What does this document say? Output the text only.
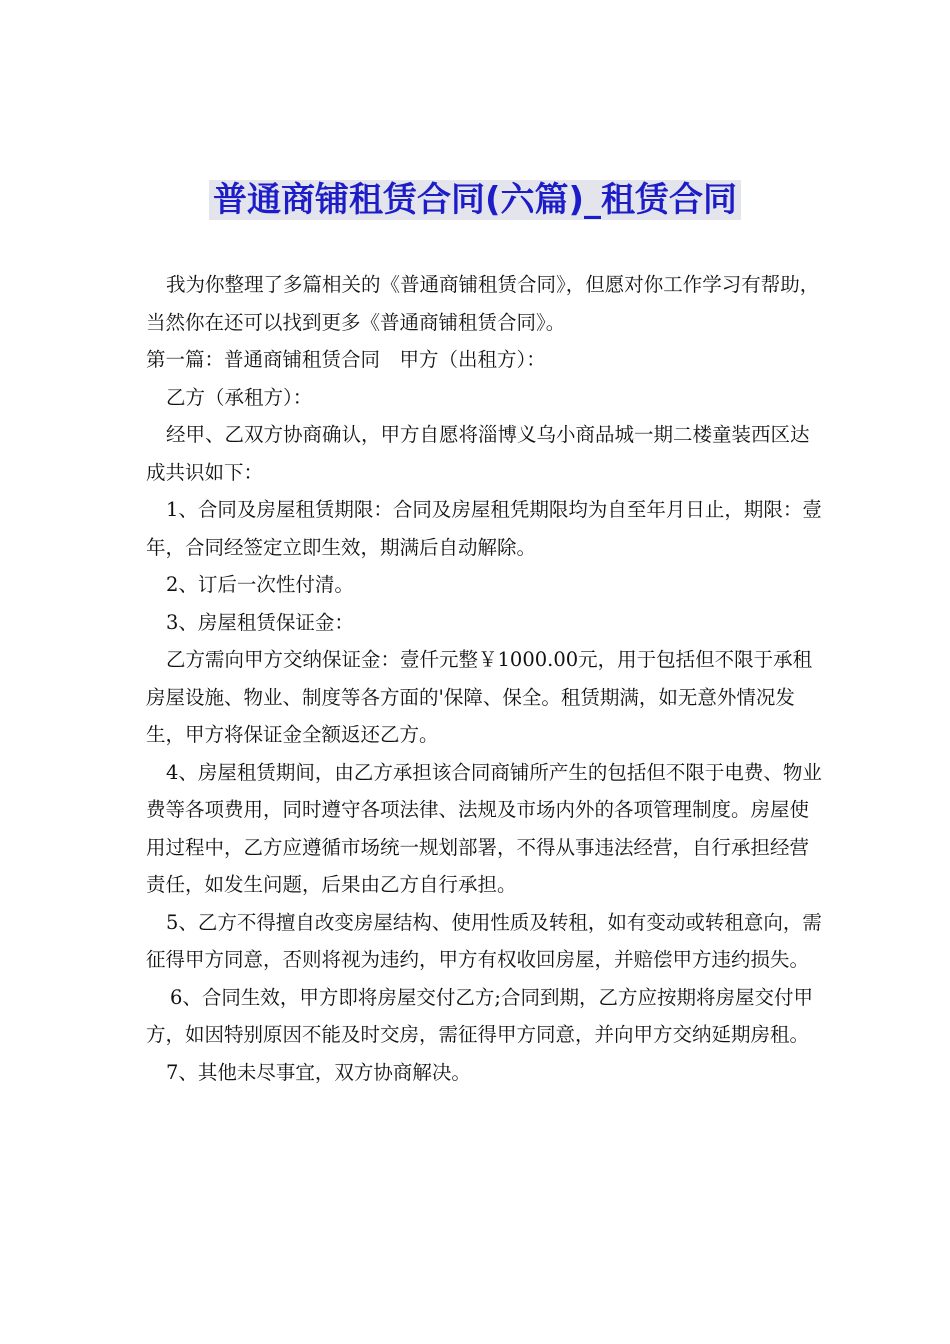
普通商铺租赁合同(六篇)_租赁合同

我为你整理了多篇相关的《普通商铺租赁合同》，但愿对你工作学习有帮助，当然你在还可以找到更多《普通商铺租赁合同》。

第一篇：普通商铺租赁合同　甲方（出租方）：

乙方（承租方）：

经甲、乙双方协商确认，甲方自愿将淄博义乌小商品城一期二楼童装西区达成共识如下：

1、合同及房屋租赁期限：合同及房屋租凭期限均为自至年月日止，期限：壹年，合同经签定立即生效，期满后自动解除。

2、订后一次性付清。

3、房屋租赁保证金：

乙方需向甲方交纳保证金：壹仟元整￥1000.00元，用于包括但不限于承租房屋设施、物业、制度等各方面的'保障、保全。租赁期满，如无意外情况发生，甲方将保证金全额返还乙方。

4、房屋租赁期间，由乙方承担该合同商铺所产生的包括但不限于电费、物业费等各项费用，同时遵守各项法律、法规及市场内外的各项管理制度。房屋使用过程中，乙方应遵循市场统一规划部署，不得从事违法经营，自行承担经营责任，如发生问题，后果由乙方自行承担。

5、乙方不得擅自改变房屋结构、使用性质及转租，如有变动或转租意向，需征得甲方同意，否则将视为违约，甲方有权收回房屋，并赔偿甲方违约损失。

6、合同生效，甲方即将房屋交付乙方;合同到期，乙方应按期将房屋交付甲方，如因特别原因不能及时交房，需征得甲方同意，并向甲方交纳延期房租。

7、其他未尽事宜，双方协商解决。
